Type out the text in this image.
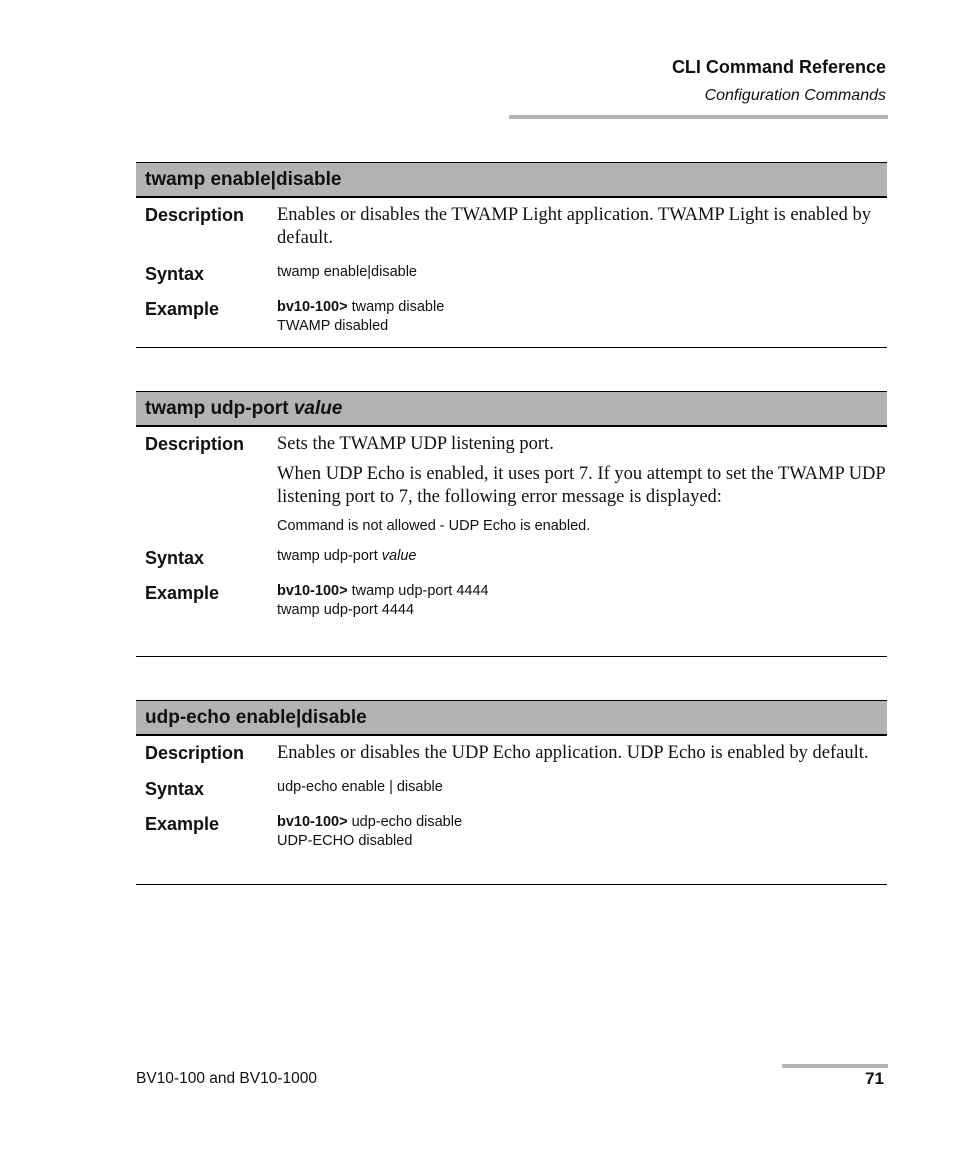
CLI Command Reference
Configuration Commands
twamp enable|disable
Description	Enables or disables the TWAMP Light application. TWAMP Light is enabled by default.
Syntax	twamp enable|disable
Example	bv10-100> twamp disable
TWAMP disabled
twamp udp-port value
Description	Sets the TWAMP UDP listening port.
When UDP Echo is enabled, it uses port 7. If you attempt to set the TWAMP UDP listening port to 7, the following error message is displayed:
Command is not allowed - UDP Echo is enabled.
Syntax	twamp udp-port value
Example	bv10-100> twamp udp-port 4444
twamp udp-port 4444
udp-echo enable|disable
Description	Enables or disables the UDP Echo application. UDP Echo is enabled by default.
Syntax	udp-echo enable | disable
Example	bv10-100> udp-echo disable
UDP-ECHO disabled
BV10-100 and BV10-1000	71
